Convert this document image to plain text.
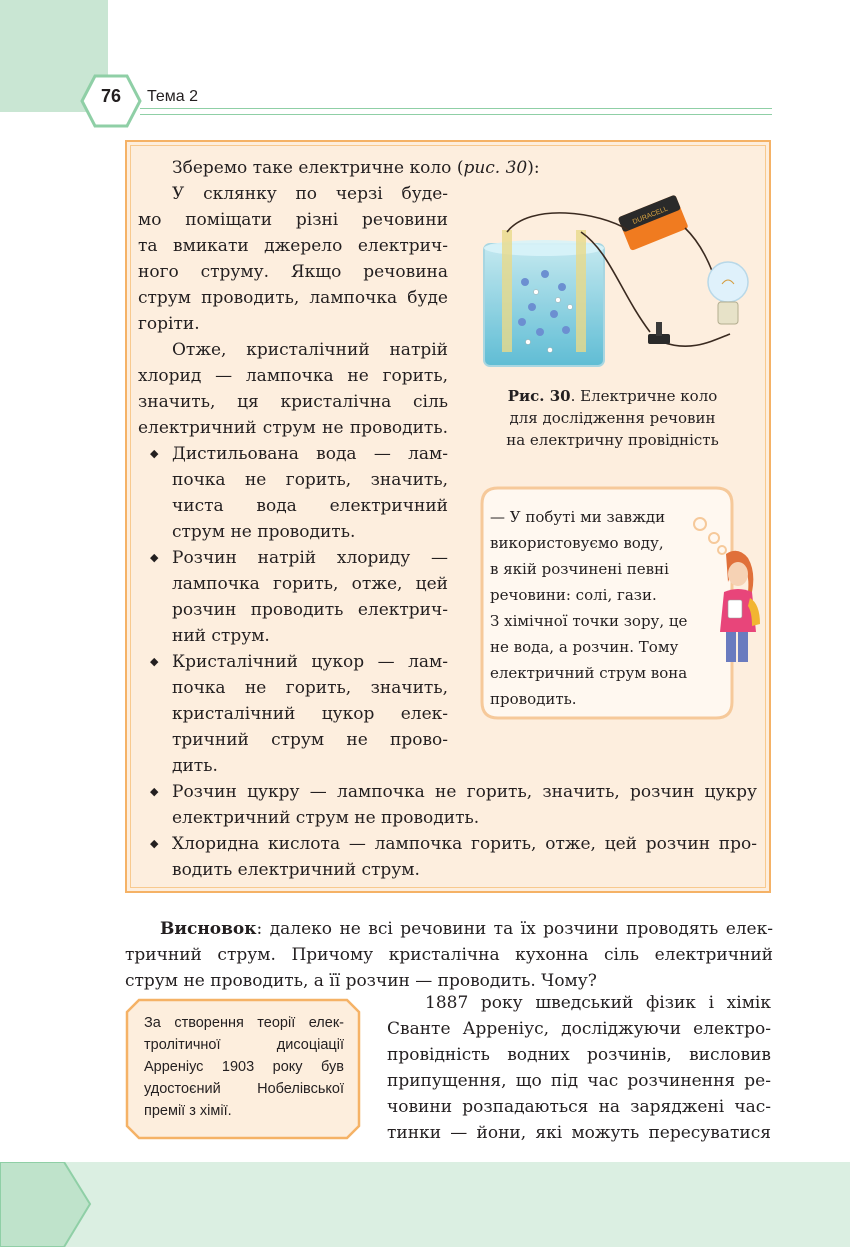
76	Тема 2
Зберемо таке електричне коло (рис. 30):
У склянку по черзі буде-
мо поміщати різні речовини
та вмикати джерело електрич-
ного струму. Якщо речовина
струм проводить, лампочка буде
горіти.
Отже, кристалічний натрій
хлорид — лампочка не горить,
значить, ця кристалічна сіль
електричний струм не проводить.
◆ Дистильована вода — лам-
почка не горить, значить,
чиста вода електричний
струм не проводить.
◆ Розчин натрій хлориду —
лампочка горить, отже, цей
розчин проводить електрич-
ний струм.
◆ Кристалічний цукор — лам-
почка не горить, значить,
кристалічний цукор елек-
тричний струм не прово-
дить.
◆ Розчин цукру — лампочка не горить, значить, розчин цукру
електричний струм не проводить.
◆ Хлоридна кислота — лампочка горить, отже, цей розчин про-
водить електричний струм.
DURACELL
Рис. 30. Електричне коло
для дослідження речовин
на електричну провідність
— У побуті ми завжди
використовуємо воду,
в якій розчинені певні
речовини: солі, гази.
З хімічної точки зору, це
не вода, а розчин. Тому
електричний струм вона
проводить.
Висновок: далеко не всі речовини та їх розчини проводять елек-
тричний струм. Причому кристалічна кухонна сіль електричний
струм не проводить, а її розчин — проводить. Чому?
За створення теорії елек-
тролітичної дисоціації
Арреніус 1903 року був
удостоєний Нобелівської
премії з хімії.
1887 року шведський фізик і хімік
Сванте Арреніус, досліджуючи електро-
провідність водних розчинів, висловив
припущення, що під час розчинення ре-
човини розпадаються на заряджені час-
тинки — йони, які можуть пересуватися
